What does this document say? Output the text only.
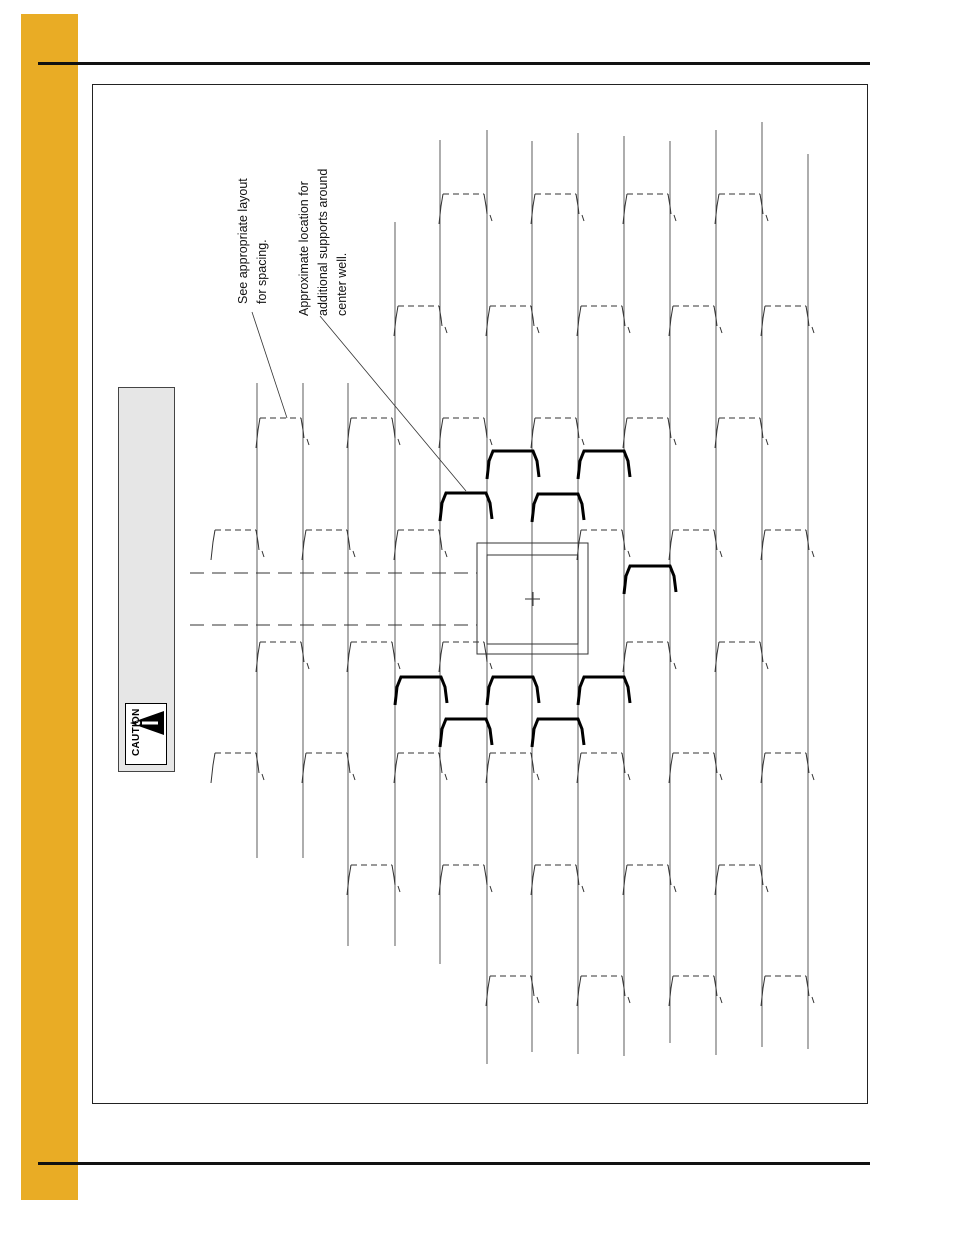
CAUTION
See appropriate layout
for spacing. Approximate location for
additional supports around
center well.
